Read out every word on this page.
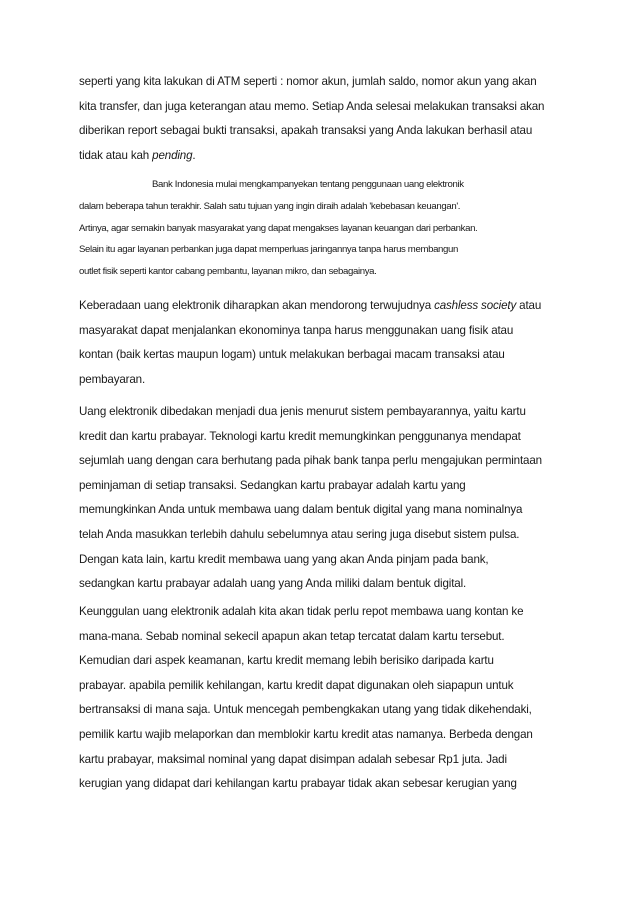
seperti yang kita lakukan di ATM seperti : nomor akun, jumlah saldo, nomor akun yang akan
kita transfer, dan juga keterangan atau memo. Setiap Anda selesai melakukan transaksi akan
diberikan report sebagai bukti transaksi, apakah transaksi yang Anda lakukan berhasil atau
tidak atau kah pending.
Bank Indonesia mulai mengkampanyekan tentang penggunaan uang elektronik
dalam beberapa tahun terakhir. Salah satu tujuan yang ingin diraih adalah 'kebebasan keuangan'.
Artinya, agar semakin banyak masyarakat yang dapat mengakses layanan keuangan dari perbankan.
Selain itu agar layanan perbankan juga dapat memperluas jaringannya tanpa harus membangun
outlet fisik seperti kantor cabang pembantu, layanan mikro, dan sebagainya.
Keberadaan uang elektronik diharapkan akan mendorong terwujudnya cashless society atau
masyarakat dapat menjalankan ekonominya tanpa harus menggunakan uang fisik atau
kontan (baik kertas maupun logam) untuk melakukan berbagai macam transaksi atau
pembayaran.
Uang elektronik dibedakan menjadi dua jenis menurut sistem pembayarannya, yaitu kartu
kredit dan kartu prabayar. Teknologi kartu kredit memungkinkan penggunanya mendapat
sejumlah uang dengan cara berhutang pada pihak bank tanpa perlu mengajukan permintaan
peminjaman di setiap transaksi. Sedangkan kartu prabayar adalah kartu yang
memungkinkan Anda untuk membawa uang dalam bentuk digital yang mana nominalnya
telah Anda masukkan terlebih dahulu sebelumnya atau sering juga disebut sistem pulsa.
Dengan kata lain, kartu kredit membawa uang yang akan Anda pinjam pada bank,
sedangkan kartu prabayar adalah uang yang Anda miliki dalam bentuk digital.
Keunggulan uang elektronik adalah kita akan tidak perlu repot membawa uang kontan ke
mana-mana. Sebab nominal sekecil apapun akan tetap tercatat dalam kartu tersebut.
Kemudian dari aspek keamanan, kartu kredit memang lebih berisiko daripada kartu
prabayar. apabila pemilik kehilangan, kartu kredit dapat digunakan oleh siapapun untuk
bertransaksi di mana saja. Untuk mencegah pembengkakan utang yang tidak dikehendaki,
pemilik kartu wajib melaporkan dan memblokir kartu kredit atas namanya. Berbeda dengan
kartu prabayar, maksimal nominal yang dapat disimpan adalah sebesar Rp1 juta. Jadi
kerugian yang didapat dari kehilangan kartu prabayar tidak akan sebesar kerugian yang
